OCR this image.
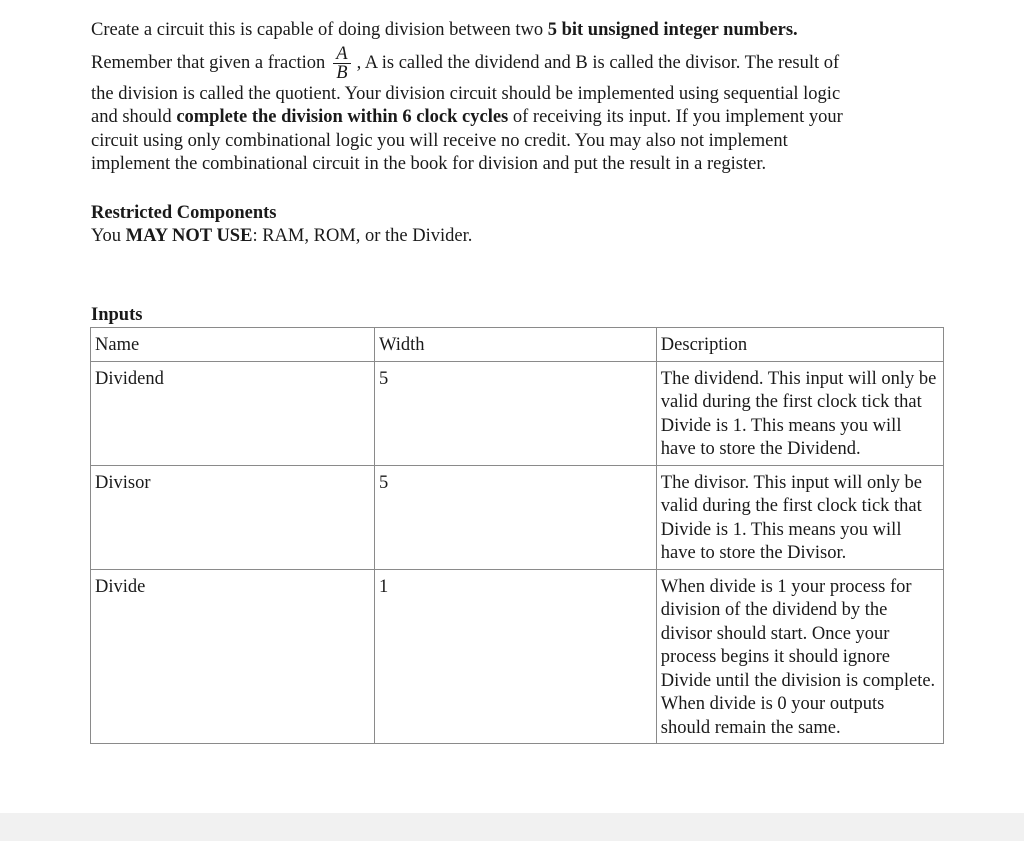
Create a circuit this is capable of doing division between two 5 bit unsigned integer numbers.
Remember that given a fraction $\frac{A}{B}$ , A is called the dividend and B is called the divisor. The result of
the division is called the quotient. Your division circuit should be implemented using sequential logic
and should complete the division within 6 clock cycles of receiving its input. If you implement your
circuit using only combinational logic you will receive no credit. You may also not implement
implement the combinational circuit in the book for division and put the result in a register.

Restricted Components
You MAY NOT USE: RAM, ROM, or the Divider.
Inputs
Name	Width	Description
Dividend	5	The dividend. This input will only be valid during the first clock tick that Divide is 1. This means you will have to store the Dividend.
Divisor	5	The divisor. This input will only be valid during the first clock tick that Divide is 1. This means you will have to store the Divisor.
Divide	1	When divide is 1 your process for division of the dividend by the divisor should start. Once your process begins it should ignore Divide until the division is complete. When divide is 0 your outputs should remain the same.
